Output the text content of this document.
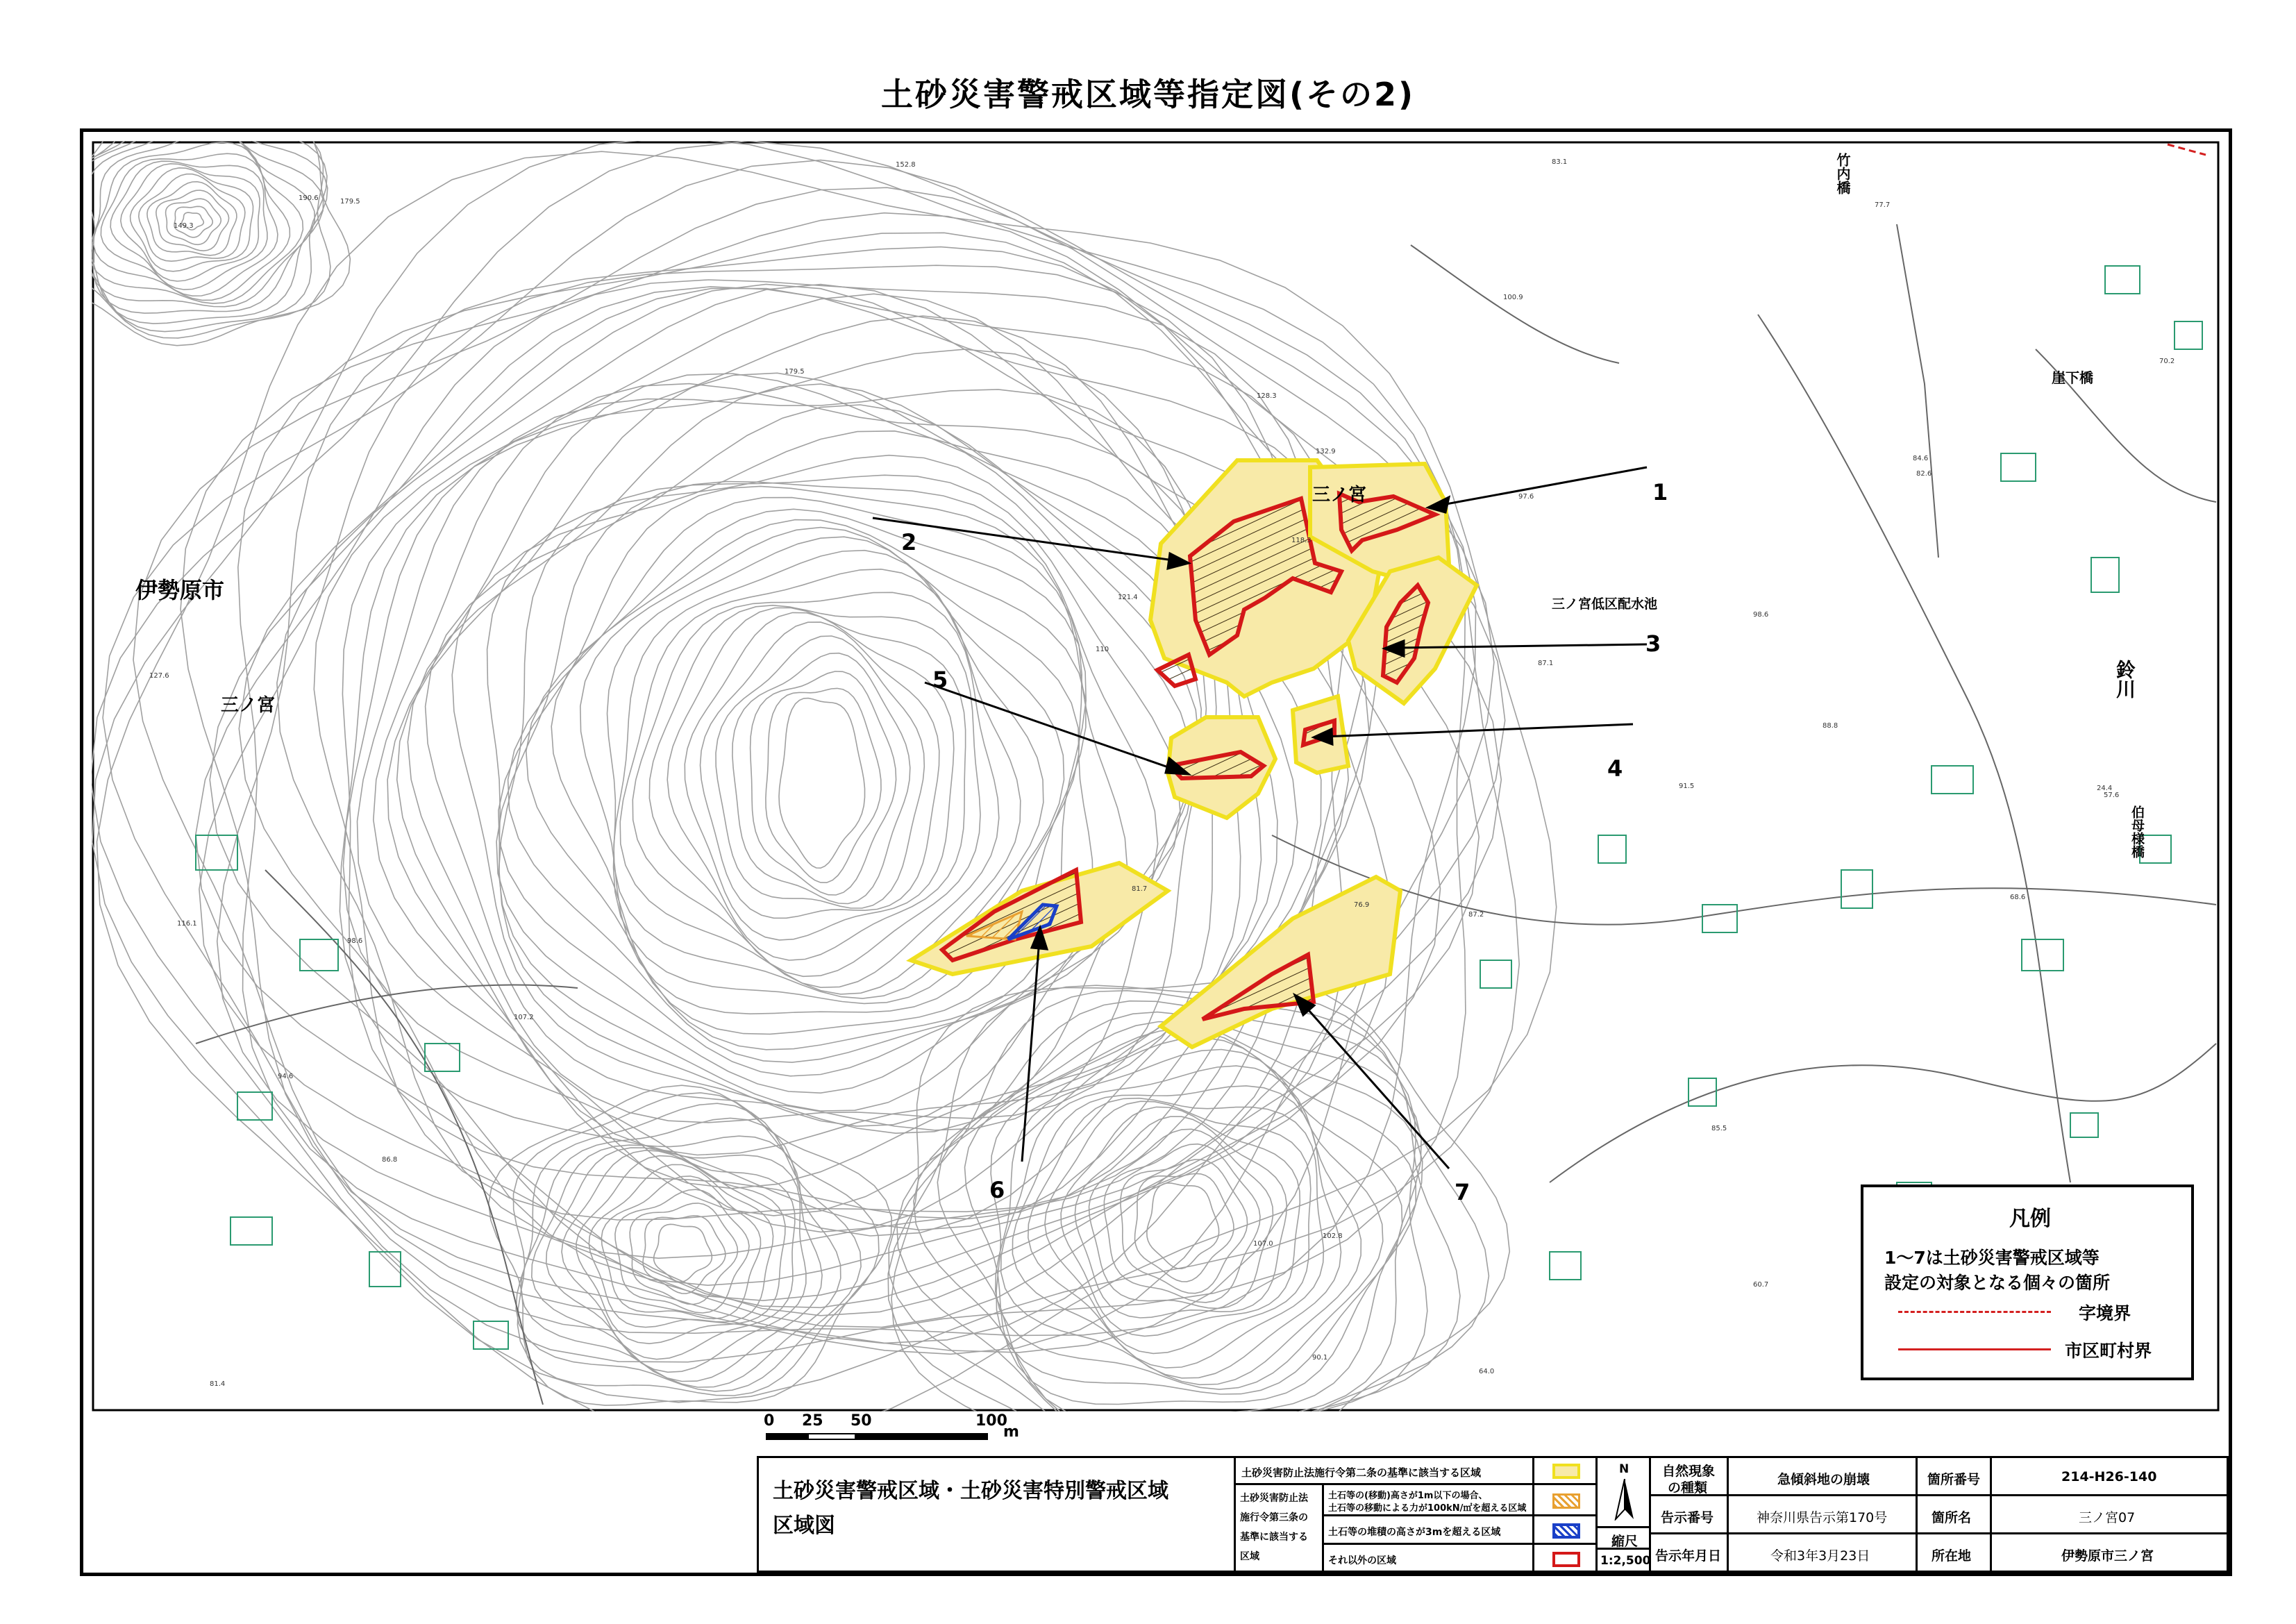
土砂災害警戒区域等指定図(その2)
伊勢原市
三ノ宮
三ノ宮
三ノ宮低区配水池
竹内橋
崖下橋
鈴川
伯母様橋
1
2
3
4
5
6	7
152.8
179.5
190.6
149.3
179.5
128.3
132.9
100.9
83.1
77.7
121.4
110
118.3
97.6
98.6
87.1
91.5
81.7
76.9
87.2
88.8
68.6
85.5
60.7
107.0
102.8
90.1
64.0
127.6
116.1
98.6
107.2
94.6
86.8
81.4
70.2
57.6
24.4
84.6
82.6
凡例
1～7は土砂災害警戒区域等
設定の対象となる個々の箇所
字境界
市区町村界
0 25 50	100
m
土砂災害警戒区域・土砂災害特別警戒区域
区域図
土砂災害防止法施行令第二条の基準に該当する区域
土砂災害防止法
施行令第三条の
基準に該当する
区域
土石等の(移動)高さが1m以下の場合、
土石等の移動による力が100kN/㎡を超える区域
土石等の堆積の高さが3mを超える区域
それ以外の区域
N
縮尺
1:2,500
自然現象
の種類
急傾斜地の崩壊	箇所番号	214-H26-140
告示番号	神奈川県告示第170号	箇所名	三ノ宮07
告示年月日	令和3年3月23日	所在地	伊勢原市三ノ宮
